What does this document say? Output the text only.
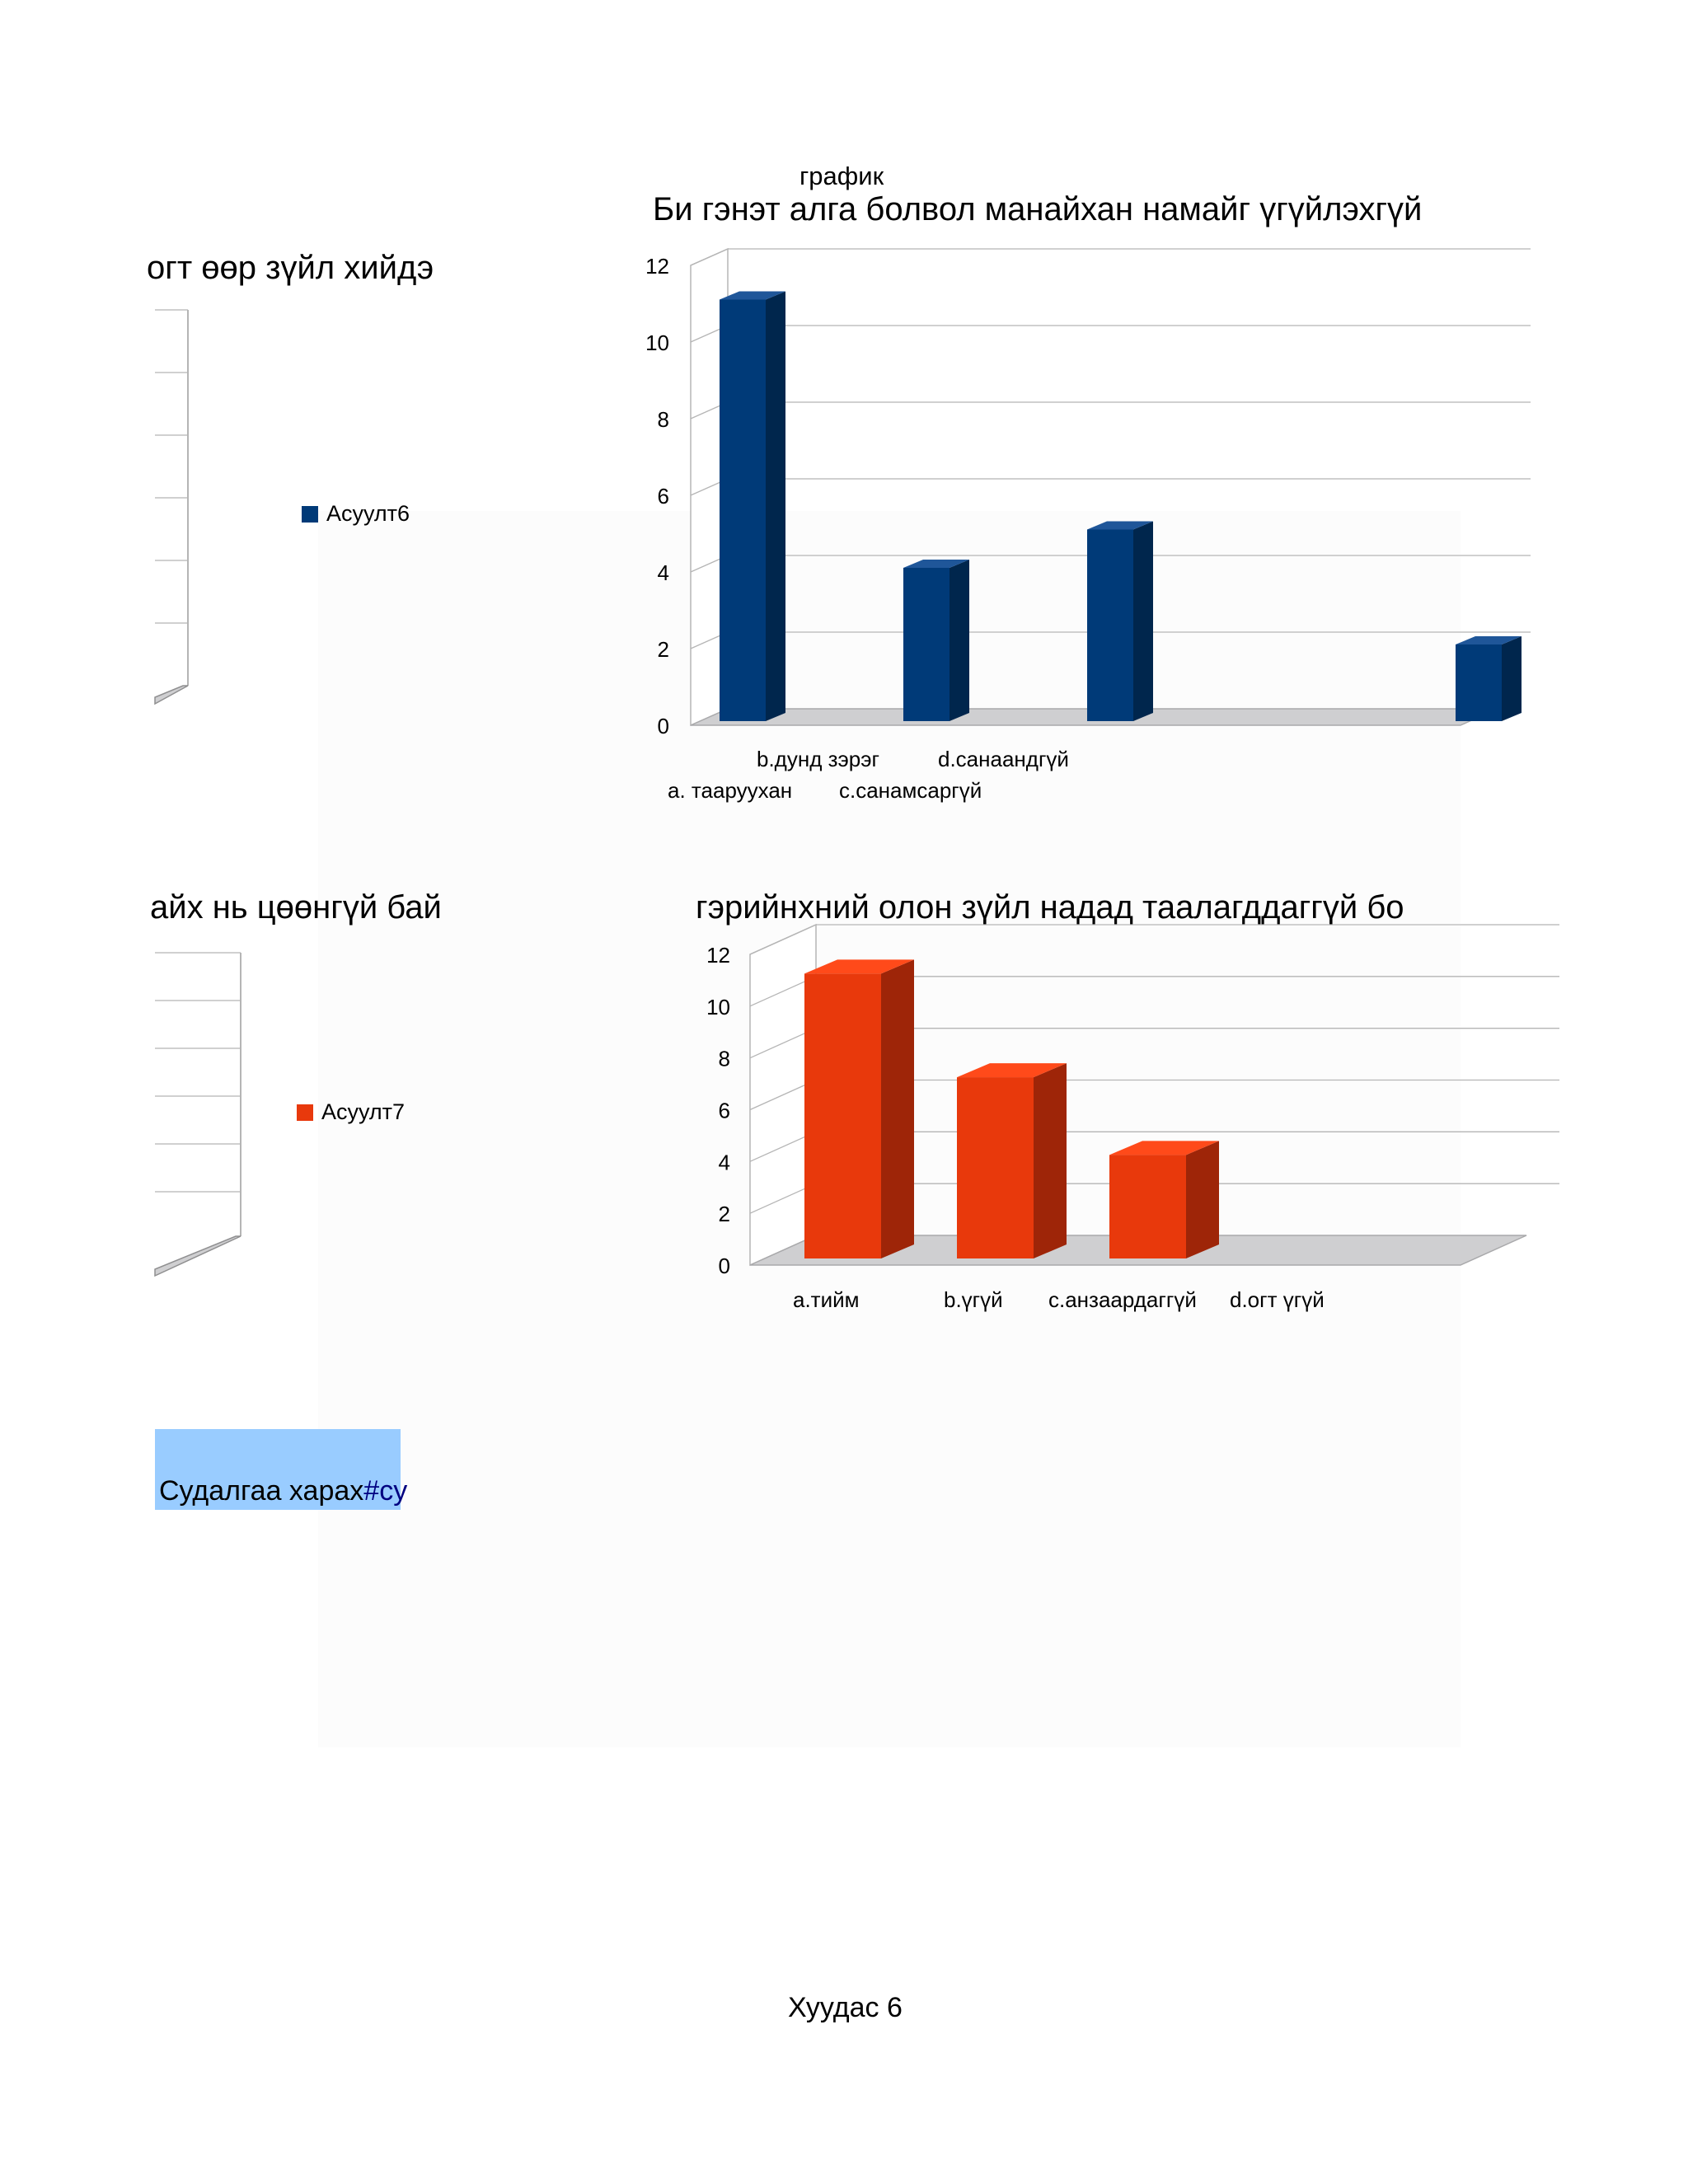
график
огт өөр зүйл хийдэ
Асуулт6
Би гэнэт алга болвол манайхан намайг үгүйлэхгүй
0
2
4
6
8
10
12
a. тааруухан
b.дунд зэрэг
c.санамсаргүй
d.санаандгүй
айх нь цөөнгүй бай
Асуулт7
гэрийнхний олон зүйл надад таалагддаггүй бо
0
2
4
6
8
10
12
a.тийм	b.үгүй c.анзаардаггүй d.огт үгүй
Судалгаа харах#су
Хуудас 6
